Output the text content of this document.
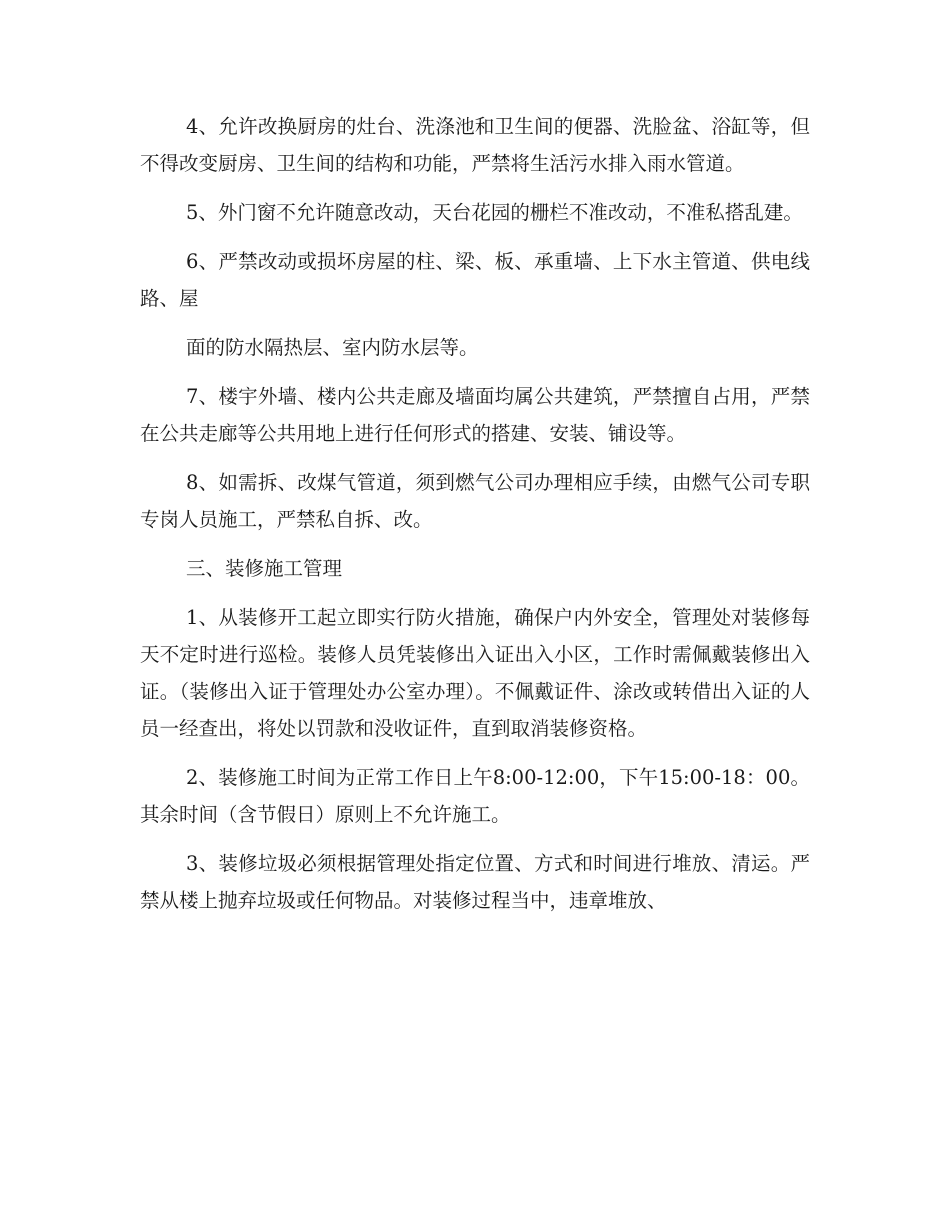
4、允许改换厨房的灶台、洗涤池和卫生间的便器、洗脸盆、浴缸等，但不得改变厨房、卫生间的结构和功能，严禁将生活污水排入雨水管道。

5、外门窗不允许随意改动，天台花园的栅栏不准改动，不准私搭乱建。

6、严禁改动或损坏房屋的柱、梁、板、承重墙、上下水主管道、供电线路、屋

面的防水隔热层、室内防水层等。

7、楼宇外墙、楼内公共走廊及墙面均属公共建筑，严禁擅自占用，严禁在公共走廊等公共用地上进行任何形式的搭建、安装、铺设等。

8、如需拆、改煤气管道，须到燃气公司办理相应手续，由燃气公司专职专岗人员施工，严禁私自拆、改。

三、装修施工管理

1、从装修开工起立即实行防火措施，确保户内外安全，管理处对装修每天不定时进行巡检。装修人员凭装修出入证出入小区，工作时需佩戴装修出入证。（装修出入证于管理处办公室办理）。不佩戴证件、涂改或转借出入证的人员一经查出，将处以罚款和没收证件，直到取消装修资格。

2、装修施工时间为正常工作日上午8:00-12:00，下午15:00-18：00。其余时间（含节假日）原则上不允许施工。

3、装修垃圾必须根据管理处指定位置、方式和时间进行堆放、清运。严禁从楼上抛弃垃圾或任何物品。对装修过程当中，违章堆放、
